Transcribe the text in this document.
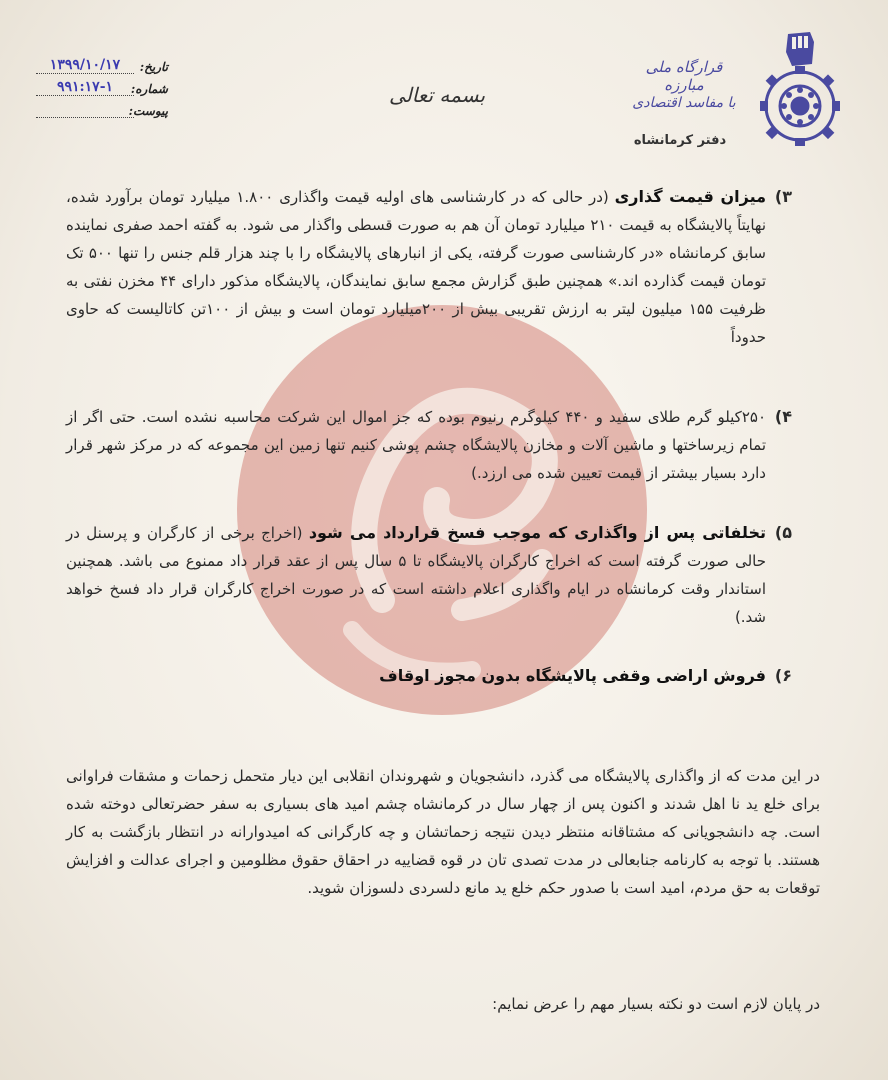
قرارگاه ملی مبارزه
با مفاسد اقتصادی
دفتر کرمانشاه
بسمه تعالی
تاریخ:
۱۳۹۹/۱۰/۱۷
شماره:
۹۹۱:۱۷-۱
پیوست:
۳)
میزان قیمت گذاری (در حالی که در کارشناسی های اولیه قیمت واگذاری ۱.۸۰۰ میلیارد تومان برآورد شده، نهایتاً پالایشگاه به قیمت ۲۱۰ میلیارد تومان آن هم به صورت قسطی واگذار می شود. به گفته احمد صفری نماینده سابق کرمانشاه «در کارشناسی صورت گرفته، یکی از انبارهای پالایشگاه را با چند هزار قلم جنس را تنها ۵۰۰ تک تومان قیمت گذارده اند.» همچنین طبق گزارش مجمع سابق نمایندگان، پالایشگاه مذکور دارای ۴۴ مخزن نفتی به ظرفیت ۱۵۵ میلیون لیتر به ارزش تقریبی بیش از ۲۰۰میلیارد تومان است و بیش از ۱۰۰تن کاتالیست که حاوی حدوداً
۴)
۲۵۰کیلو گرم طلای سفید و ۴۴۰ کیلوگرم رنیوم بوده که جز اموال این شرکت محاسبه نشده است. حتی اگر از تمام زیرساختها و ماشین آلات و مخازن پالایشگاه چشم پوشی کنیم تنها زمین این مجموعه که در مرکز شهر قرار دارد بسیار بیشتر از قیمت تعیین شده می ارزد.)
۵)
تخلفاتی پس از واگذاری که موجب فسخ قرارداد می شود (اخراج برخی از کارگران و پرسنل در حالی صورت گرفته است که اخراج کارگران پالایشگاه تا ۵ سال پس از عقد قرار داد ممنوع می باشد. همچنین استاندار وقت کرمانشاه در ایام واگذاری اعلام داشته است که در صورت اخراج کارگران قرار داد فسخ خواهد شد.)
۶)
فروش اراضی وقفی پالایشگاه بدون مجوز اوقاف
در این مدت که از واگذاری پالایشگاه می گذرد، دانشجویان و شهروندان انقلابی این دیار متحمل زحمات و مشقات فراوانی برای خلع ید نا اهل شدند و اکنون پس از چهار سال در کرمانشاه چشم امید های بسیاری به سفر حضرتعالی دوخته شده است. چه دانشجویانی که مشتاقانه منتظر دیدن نتیجه زحماتشان و چه کارگرانی که امیدوارانه در انتظار بازگشت به کار هستند. با توجه به کارنامه جنابعالی در مدت تصدی تان در قوه قضاییه در احقاق حقوق مظلومین و اجرای عدالت و افزایش توقعات به حق مردم، امید است با صدور حکم خلع ید مانع دلسردی دلسوزان شوید.
در پایان لازم است دو نکته بسیار مهم را عرض نمایم:
